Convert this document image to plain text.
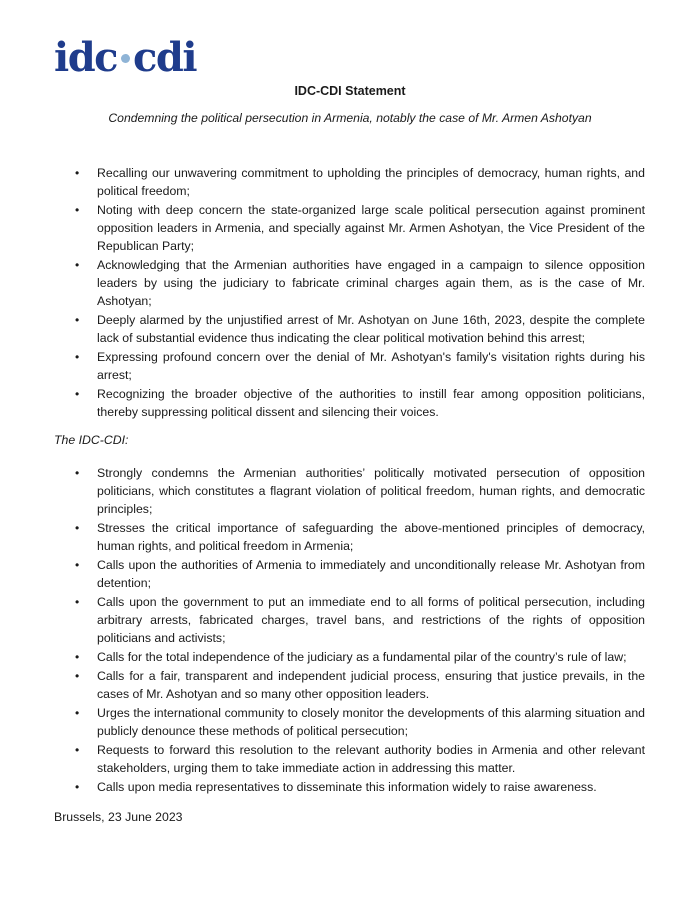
idc cdi
IDC-CDI Statement
Condemning the political persecution in Armenia, notably the case of Mr. Armen Ashotyan
• Recalling our unwavering commitment to upholding the principles of democracy, human rights, and political freedom;
• Noting with deep concern the state-organized large scale political persecution against prominent opposition leaders in Armenia, and specially against Mr. Armen Ashotyan, the Vice President of the Republican Party;
• Acknowledging that the Armenian authorities have engaged in a campaign to silence opposition leaders by using the judiciary to fabricate criminal charges again them, as is the case of Mr. Ashotyan;
• Deeply alarmed by the unjustified arrest of Mr. Ashotyan on June 16th, 2023, despite the complete lack of substantial evidence thus indicating the clear political motivation behind this arrest;
• Expressing profound concern over the denial of Mr. Ashotyan's family's visitation rights during his arrest;
• Recognizing the broader objective of the authorities to instill fear among opposition politicians, thereby suppressing political dissent and silencing their voices.
The IDC-CDI:
• Strongly condemns the Armenian authorities’ politically motivated persecution of opposition politicians, which constitutes a flagrant violation of political freedom, human rights, and democratic principles;
• Stresses the critical importance of safeguarding the above-mentioned principles of democracy, human rights, and political freedom in Armenia;
• Calls upon the authorities of Armenia to immediately and unconditionally release Mr. Ashotyan from detention;
• Calls upon the government to put an immediate end to all forms of political persecution, including arbitrary arrests, fabricated charges, travel bans, and restrictions of the rights of opposition politicians and activists;
• Calls for the total independence of the judiciary as a fundamental pilar of the country’s rule of law;
• Calls for a fair, transparent and independent judicial process, ensuring that justice prevails, in the cases of Mr. Ashotyan and so many other opposition leaders.
• Urges the international community to closely monitor the developments of this alarming situation and publicly denounce these methods of political persecution;
• Requests to forward this resolution to the relevant authority bodies in Armenia and other relevant stakeholders, urging them to take immediate action in addressing this matter.
• Calls upon media representatives to disseminate this information widely to raise awareness.
Brussels, 23 June 2023
